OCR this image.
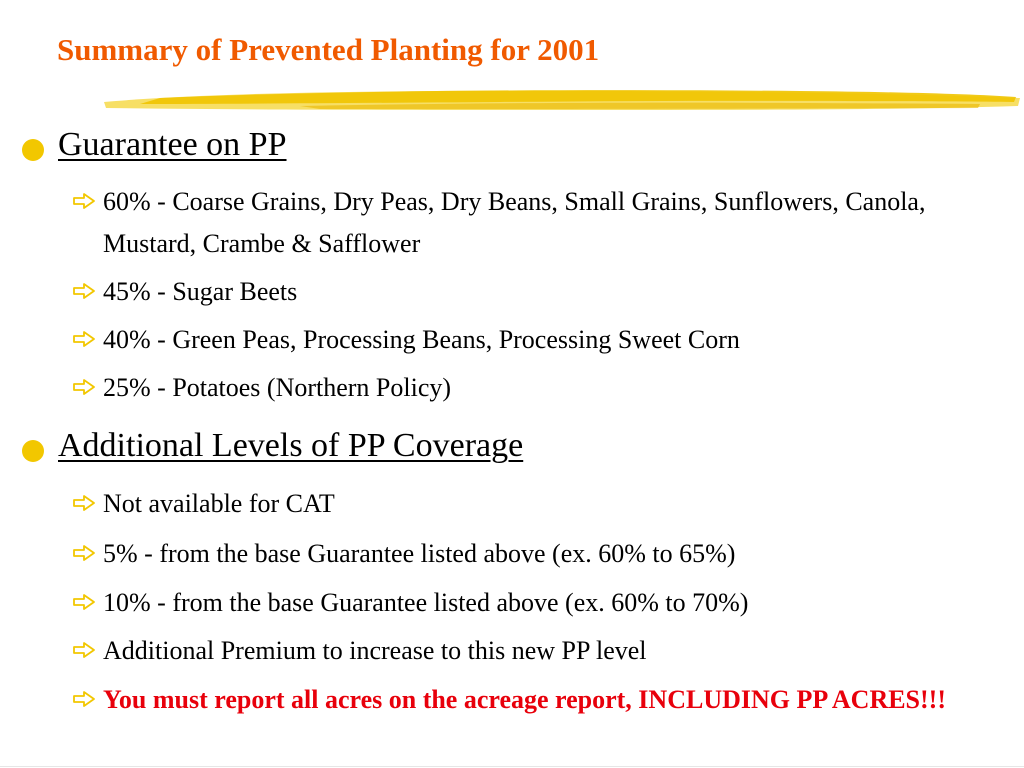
Summary of Prevented Planting for 2001
Guarantee on PP
60% - Coarse Grains, Dry Peas, Dry Beans, Small Grains, Sunflowers, Canola, Mustard, Crambe & Safflower
45% - Sugar Beets
40% - Green Peas, Processing Beans, Processing Sweet Corn
25% - Potatoes (Northern Policy)
Additional Levels of PP Coverage
Not available for CAT
5% - from the base Guarantee listed above (ex. 60% to 65%)
10% - from the base Guarantee listed above (ex. 60% to 70%)
Additional Premium to increase to this new PP level
You must report all acres on the acreage report, INCLUDING PP ACRES!!!
